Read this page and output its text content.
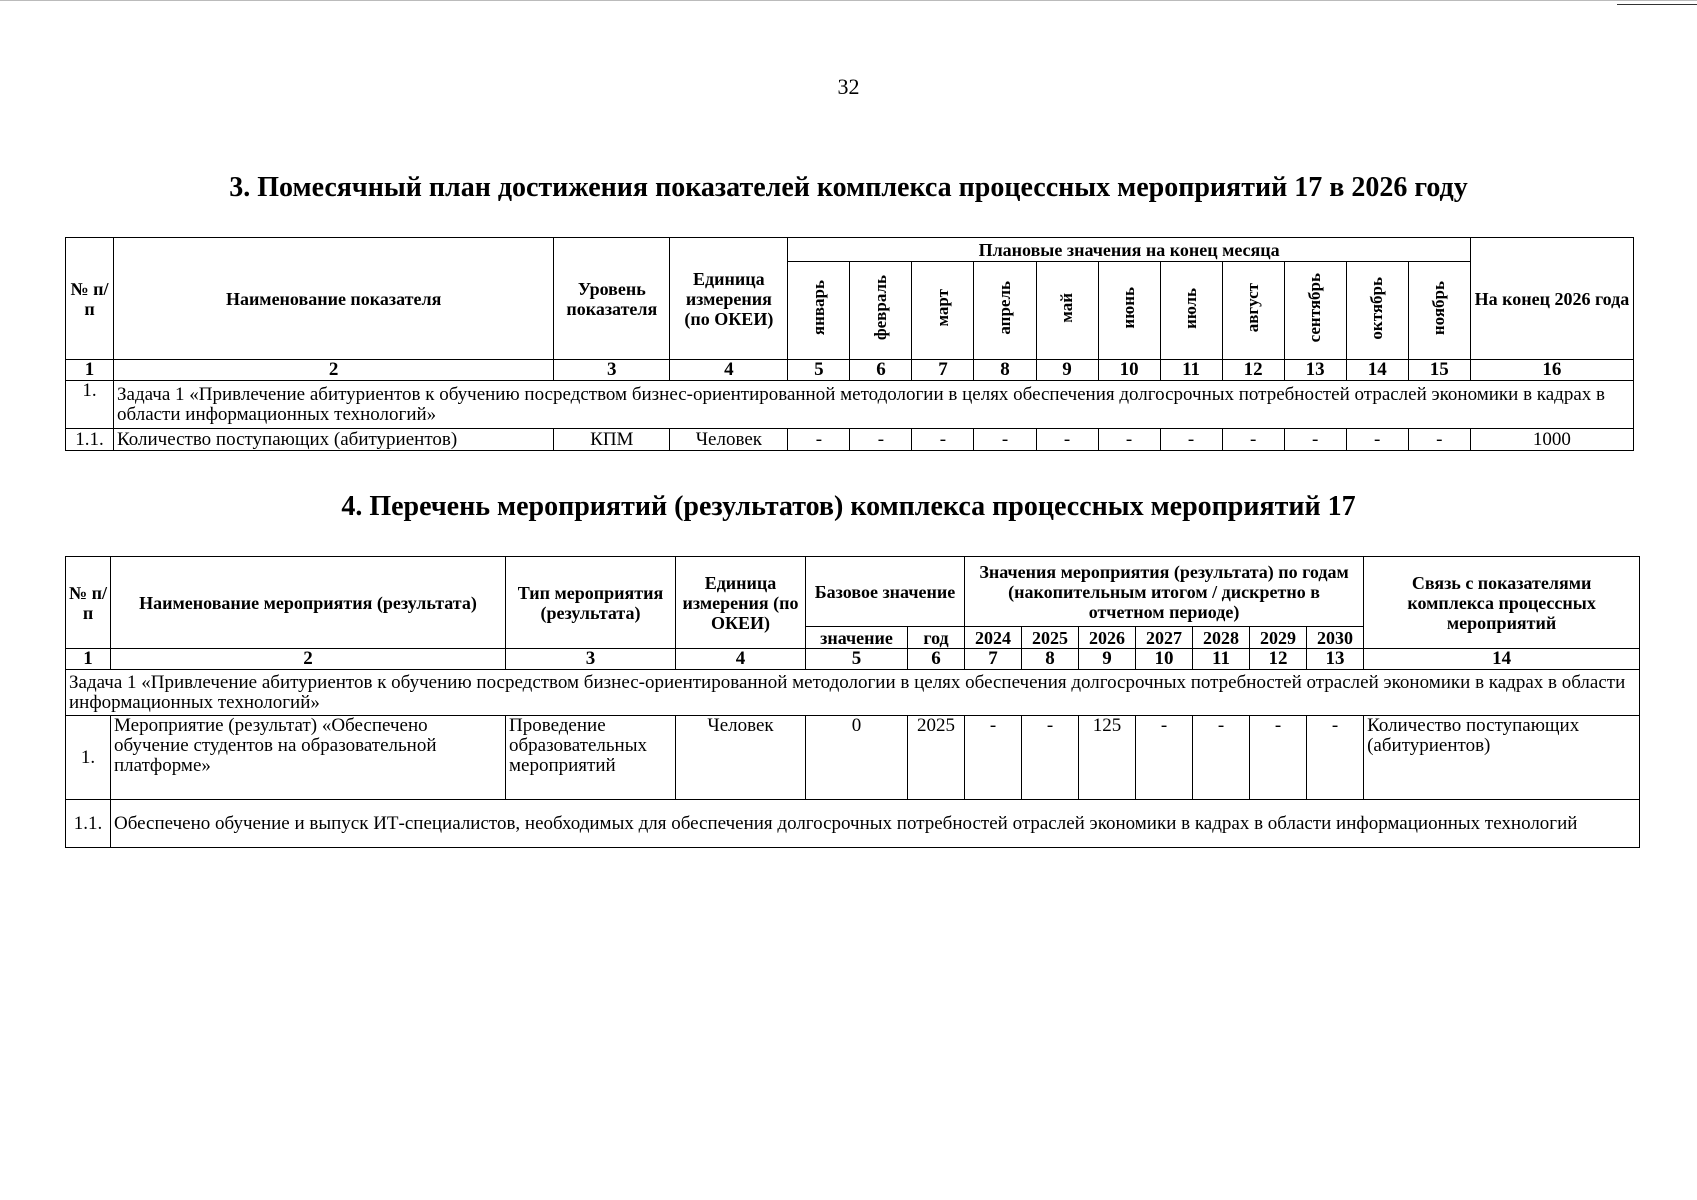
32
3. Помесячный план достижения показателей комплекса процессных мероприятий 17 в 2026 году
№ п/п	Наименование показателя	Уровень показателя	Единица измерения (по ОКЕИ)	Плановые значения на конец месяца											На конец 2026 года
				январь	февраль	март	апрель	май	июнь	июль	август	сентябрь	октябрь	ноябрь	
1	2	3	4	5	6	7	8	9	10	11	12	13	14	15	16
1.	Задача 1 «Привлечение абитуриентов к обучению посредством бизнес-ориентированной методологии в целях обеспечения долгосрочных потребностей отраслей экономики в кадрах в области информационных технологий»														
1.1.	Количество поступающих (абитуриентов)	КПМ	Человек	-	-	-	-	-	-	-	-	-	-	-	1000
4. Перечень мероприятий (результатов) комплекса процессных мероприятий 17
№ п/п	Наименование мероприятия (результата)	Тип мероприятия (результата)	Единица измерения (по ОКЕИ)	Базовое значение		Значения мероприятия (результата) по годам (накопительным итогом / дискретно в отчетном периоде)							Связь с показателями комплекса процессных мероприятий
				значение	год	2024	2025	2026	2027	2028	2029	2030	
1	2	3	4	5	6	7	8	9	10	11	12	13	14
Задача 1 «Привлечение абитуриентов к обучению посредством бизнес-ориентированной методологии в целях обеспечения долгосрочных потребностей отраслей экономики в кадрах в области информационных технологий»													
1.	Мероприятие (результат) «Обеспечено обучение студентов на образовательной платформе»	Проведение образовательных мероприятий	Человек	0	2025	-	-	125	-	-	-	-	Количество поступающих (абитуриентов)
1.1.	Обеспечено обучение и выпуск ИТ-специалистов, необходимых для обеспечения долгосрочных потребностей отраслей экономики в кадрах в области информационных технологий												
